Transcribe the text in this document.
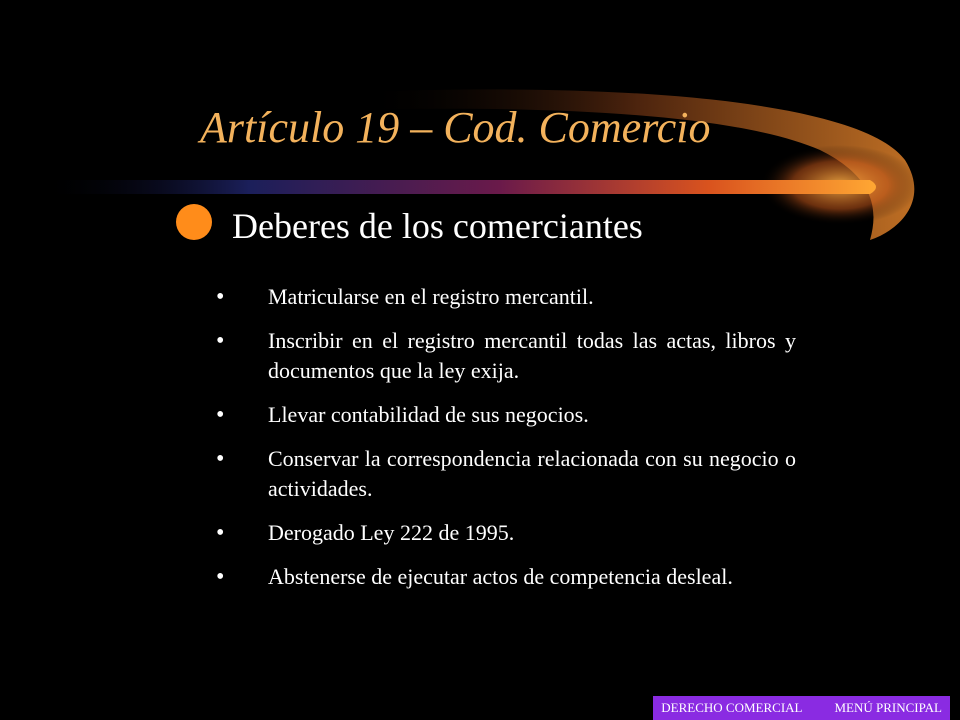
Artículo 19 – Cod. Comercio
Deberes de los comerciantes
•	Matricularse en el registro mercantil.
•	Inscribir en el registro mercantil todas las actas, libros y documentos que la ley exija.
•	Llevar contabilidad de sus negocios.
•	Conservar la correspondencia relacionada con su negocio o actividades.
•	Derogado Ley 222 de 1995.
•	Abstenerse de ejecutar actos de competencia desleal.
DERECHO COMERCIAL MENÚ PRINCIPAL
